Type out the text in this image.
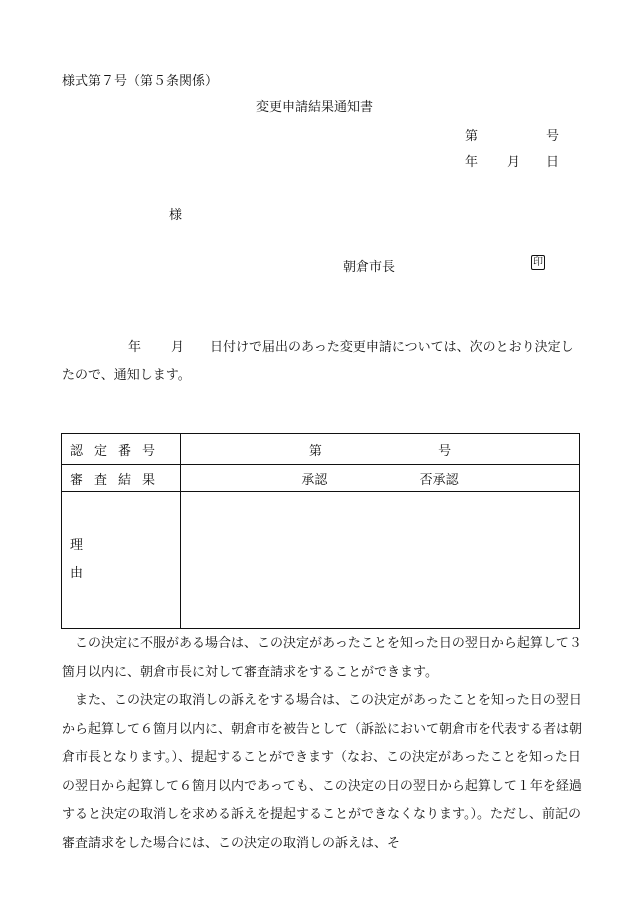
様式第７号（第５条関係）
変更申請結果通知書
第	号
年 月 日
様
朝倉市長	印
年 月 日付けで届出のあった変更申請については、次のとおり決定したので、通知します。
認定番号	第 号
審査結果	承認 否承認

理
由	

この決定に不服がある場合は、この決定があったことを知った日の翌日から起算して３箇月以内に、朝倉市長に対して審査請求をすることができます。

また、この決定の取消しの訴えをする場合は、この決定があったことを知った日の翌日から起算して６箇月以内に、朝倉市を被告として（訴訟において朝倉市を代表する者は朝倉市長となります。）、提起することができます（なお、この決定があったことを知った日の翌日から起算して６箇月以内であっても、この決定の日の翌日から起算して１年を経過すると決定の取消しを求める訴えを提起することができなくなります。）。ただし、前記の審査請求をした場合には、この決定の取消しの訴えは、そ
